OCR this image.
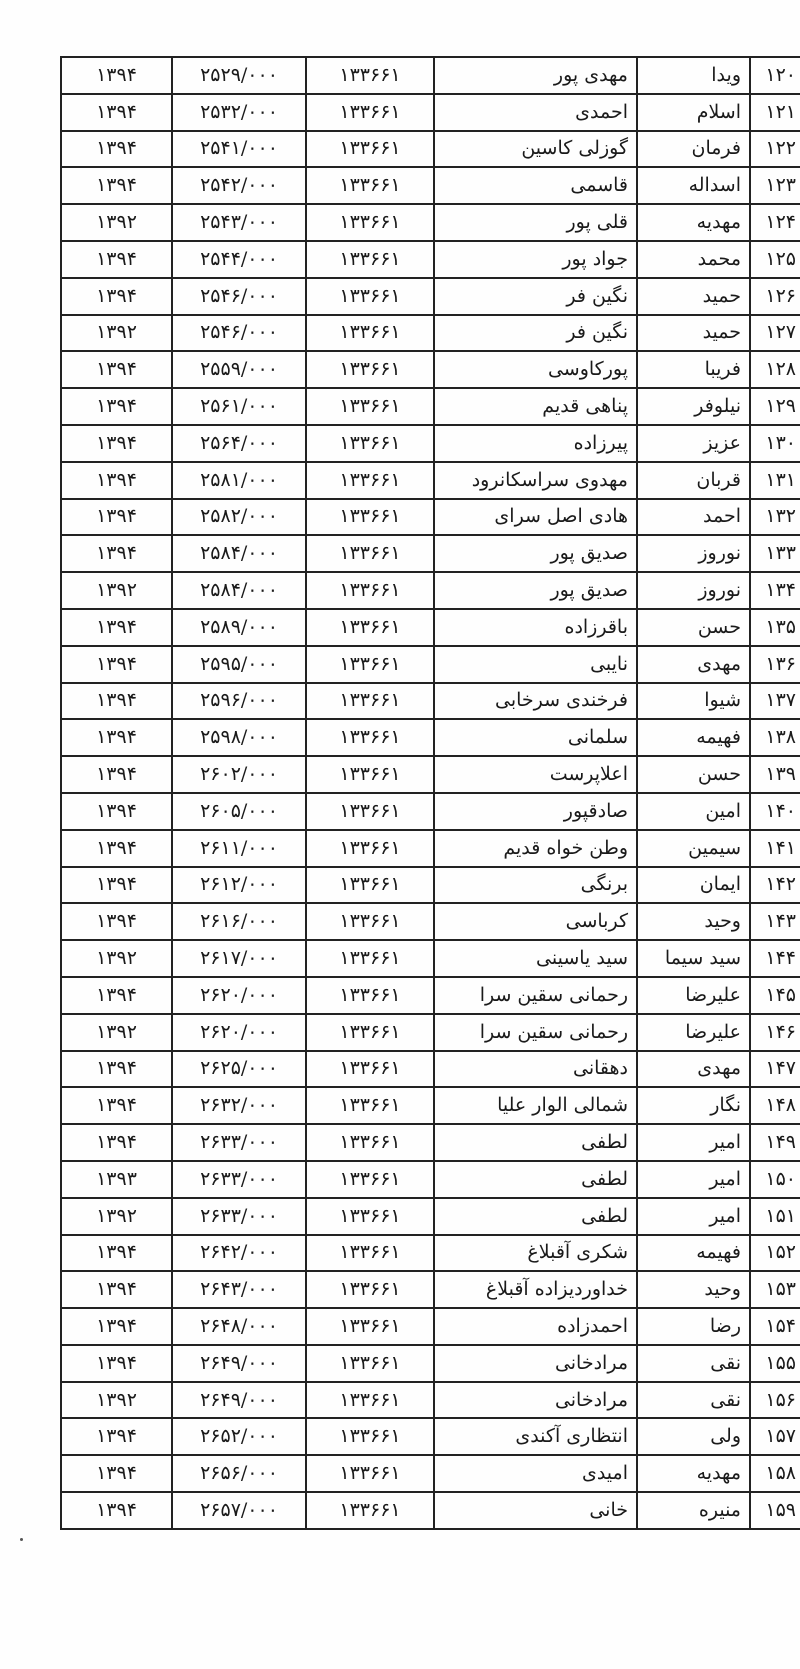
۱۲۰	ویدا	مهدی پور	۱۳۳۶۶۱	۲۵۲۹/۰۰۰	۱۳۹۴
۱۲۱	اسلام	احمدی	۱۳۳۶۶۱	۲۵۳۲/۰۰۰	۱۳۹۴
۱۲۲	فرمان	گوزلی کاسین	۱۳۳۶۶۱	۲۵۴۱/۰۰۰	۱۳۹۴
۱۲۳	اسداله	قاسمی	۱۳۳۶۶۱	۲۵۴۲/۰۰۰	۱۳۹۴
۱۲۴	مهدیه	قلی پور	۱۳۳۶۶۱	۲۵۴۳/۰۰۰	۱۳۹۲
۱۲۵	محمد	جواد پور	۱۳۳۶۶۱	۲۵۴۴/۰۰۰	۱۳۹۴
۱۲۶	حمید	نگین فر	۱۳۳۶۶۱	۲۵۴۶/۰۰۰	۱۳۹۴
۱۲۷	حمید	نگین فر	۱۳۳۶۶۱	۲۵۴۶/۰۰۰	۱۳۹۲
۱۲۸	فریبا	پورکاوسی	۱۳۳۶۶۱	۲۵۵۹/۰۰۰	۱۳۹۴
۱۲۹	نیلوفر	پناهی قدیم	۱۳۳۶۶۱	۲۵۶۱/۰۰۰	۱۳۹۴
۱۳۰	عزیز	پیرزاده	۱۳۳۶۶۱	۲۵۶۴/۰۰۰	۱۳۹۴
۱۳۱	قربان	مهدوی سراسکانرود	۱۳۳۶۶۱	۲۵۸۱/۰۰۰	۱۳۹۴
۱۳۲	احمد	هادی اصل سرای	۱۳۳۶۶۱	۲۵۸۲/۰۰۰	۱۳۹۴
۱۳۳	نوروز	صدیق پور	۱۳۳۶۶۱	۲۵۸۴/۰۰۰	۱۳۹۴
۱۳۴	نوروز	صدیق پور	۱۳۳۶۶۱	۲۵۸۴/۰۰۰	۱۳۹۲
۱۳۵	حسن	باقرزاده	۱۳۳۶۶۱	۲۵۸۹/۰۰۰	۱۳۹۴
۱۳۶	مهدی	نایبی	۱۳۳۶۶۱	۲۵۹۵/۰۰۰	۱۳۹۴
۱۳۷	شیوا	فرخندی سرخابی	۱۳۳۶۶۱	۲۵۹۶/۰۰۰	۱۳۹۴
۱۳۸	فهیمه	سلمانی	۱۳۳۶۶۱	۲۵۹۸/۰۰۰	۱۳۹۴
۱۳۹	حسن	اعلاپرست	۱۳۳۶۶۱	۲۶۰۲/۰۰۰	۱۳۹۴
۱۴۰	امین	صادقپور	۱۳۳۶۶۱	۲۶۰۵/۰۰۰	۱۳۹۴
۱۴۱	سیمین	وطن خواه قدیم	۱۳۳۶۶۱	۲۶۱۱/۰۰۰	۱۳۹۴
۱۴۲	ایمان	برنگی	۱۳۳۶۶۱	۲۶۱۲/۰۰۰	۱۳۹۴
۱۴۳	وحید	کرباسی	۱۳۳۶۶۱	۲۶۱۶/۰۰۰	۱۳۹۴
۱۴۴	سید سیما	سید یاسینی	۱۳۳۶۶۱	۲۶۱۷/۰۰۰	۱۳۹۲
۱۴۵	علیرضا	رحمانی سقین سرا	۱۳۳۶۶۱	۲۶۲۰/۰۰۰	۱۳۹۴
۱۴۶	علیرضا	رحمانی سقین سرا	۱۳۳۶۶۱	۲۶۲۰/۰۰۰	۱۳۹۲
۱۴۷	مهدی	دهقانی	۱۳۳۶۶۱	۲۶۲۵/۰۰۰	۱۳۹۴
۱۴۸	نگار	شمالی الوار علیا	۱۳۳۶۶۱	۲۶۳۲/۰۰۰	۱۳۹۴
۱۴۹	امیر	لطفی	۱۳۳۶۶۱	۲۶۳۳/۰۰۰	۱۳۹۴
۱۵۰	امیر	لطفی	۱۳۳۶۶۱	۲۶۳۳/۰۰۰	۱۳۹۳
۱۵۱	امیر	لطفی	۱۳۳۶۶۱	۲۶۳۳/۰۰۰	۱۳۹۲
۱۵۲	فهیمه	شکری آقبلاغ	۱۳۳۶۶۱	۲۶۴۲/۰۰۰	۱۳۹۴
۱۵۳	وحید	خداوردیزاده آقبلاغ	۱۳۳۶۶۱	۲۶۴۳/۰۰۰	۱۳۹۴
۱۵۴	رضا	احمدزاده	۱۳۳۶۶۱	۲۶۴۸/۰۰۰	۱۳۹۴
۱۵۵	نقی	مرادخانی	۱۳۳۶۶۱	۲۶۴۹/۰۰۰	۱۳۹۴
۱۵۶	نقی	مرادخانی	۱۳۳۶۶۱	۲۶۴۹/۰۰۰	۱۳۹۲
۱۵۷	ولی	انتظاری آکندی	۱۳۳۶۶۱	۲۶۵۲/۰۰۰	۱۳۹۴
۱۵۸	مهدیه	امیدی	۱۳۳۶۶۱	۲۶۵۶/۰۰۰	۱۳۹۴
۱۵۹	منیره	خانی	۱۳۳۶۶۱	۲۶۵۷/۰۰۰	۱۳۹۴
